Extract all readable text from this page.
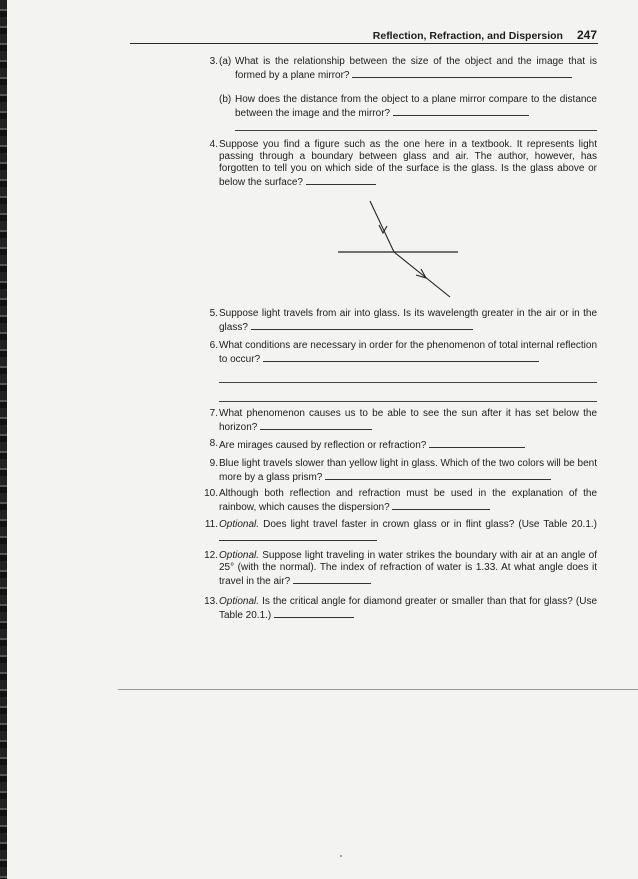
Reflection, Refraction, and Dispersion 247
3. (a) What is the relationship between the size of the object and the image that is formed by a plane mirror?
(b) How does the distance from the object to a plane mirror compare to the distance between the image and the mirror?
4. Suppose you find a figure such as the one here in a textbook. It represents light passing through a boundary between glass and air. The author, however, has forgotten to tell you on which side of the surface is the glass. Is the glass above or below the surface?
5. Suppose light travels from air into glass. Is its wavelength greater in the air or in the glass?
6. What conditions are necessary in order for the phenomenon of total internal reflection to occur?
7. What phenomenon causes us to be able to see the sun after it has set below the horizon?
8. Are mirages caused by reflection or refraction?
9. Blue light travels slower than yellow light in glass. Which of the two colors will be bent more by a glass prism?
10. Although both reflection and refraction must be used in the explanation of the rainbow, which causes the dispersion?
11. Optional. Does light travel faster in crown glass or in flint glass? (Use Table 20.1.)
12. Optional. Suppose light traveling in water strikes the boundary with air at an angle of 25° (with the normal). The index of refraction of water is 1.33. At what angle does it travel in the air?
13. Optional. Is the critical angle for diamond greater or smaller than that for glass? (Use Table 20.1.)
